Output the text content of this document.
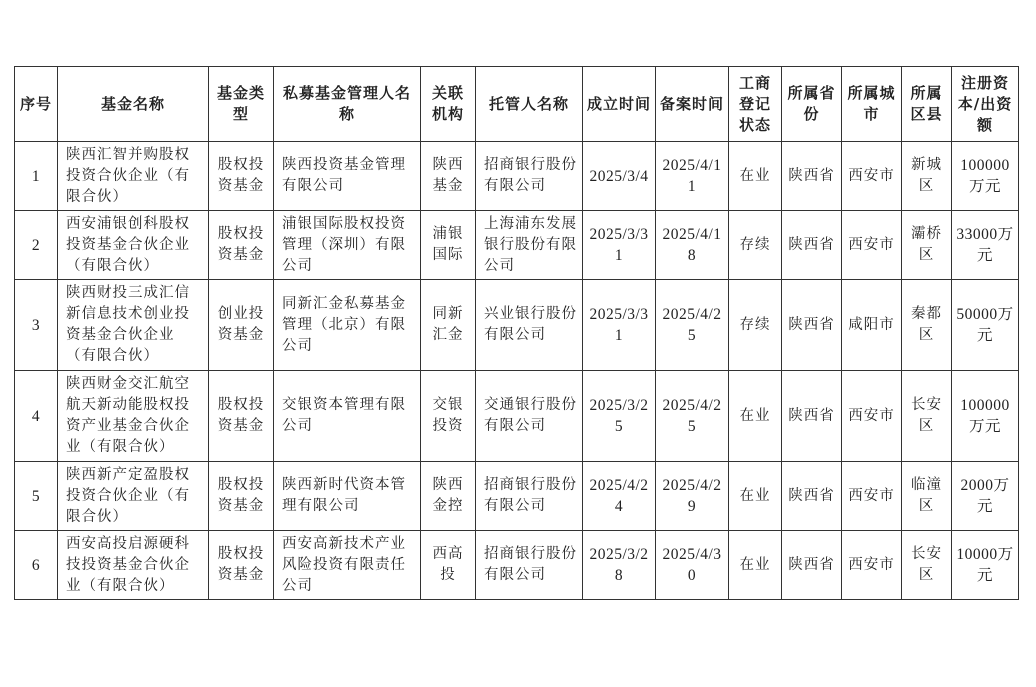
序号	基金名称	基金类型	私募基金管理人名称	关联机构	托管人名称	成立时间	备案时间	工商登记状态	所属省份	所属城市	所属区县	注册资本/出资额
1	陕西汇智并购股权投资合伙企业（有限合伙）	股权投资基金	陕西投资基金管理有限公司	陕西基金	招商银行股份有限公司	2025/3/4	2025/4/11	在业	陕西省	西安市	新城区	100000万元
2	西安浦银创科股权投资基金合伙企业（有限合伙）	股权投资基金	浦银国际股权投资管理（深圳）有限公司	浦银国际	上海浦东发展银行股份有限公司	2025/3/31	2025/4/18	存续	陕西省	西安市	灞桥区	33000万元
3	陕西财投三成汇信新信息技术创业投资基金合伙企业（有限合伙）	创业投资基金	同新汇金私募基金管理（北京）有限公司	同新汇金	兴业银行股份有限公司	2025/3/31	2025/4/25	存续	陕西省	咸阳市	秦都区	50000万元
4	陕西财金交汇航空航天新动能股权投资产业基金合伙企业（有限合伙）	股权投资基金	交银资本管理有限公司	交银投资	交通银行股份有限公司	2025/3/25	2025/4/25	在业	陕西省	西安市	长安区	100000万元
5	陕西新产定盈股权投资合伙企业（有限合伙）	股权投资基金	陕西新时代资本管理有限公司	陕西金控	招商银行股份有限公司	2025/4/24	2025/4/29	在业	陕西省	西安市	临潼区	2000万元
6	西安高投启源硬科技投资基金合伙企业（有限合伙）	股权投资基金	西安高新技术产业风险投资有限责任公司	西高投	招商银行股份有限公司	2025/3/28	2025/4/30	在业	陕西省	西安市	长安区	10000万元
